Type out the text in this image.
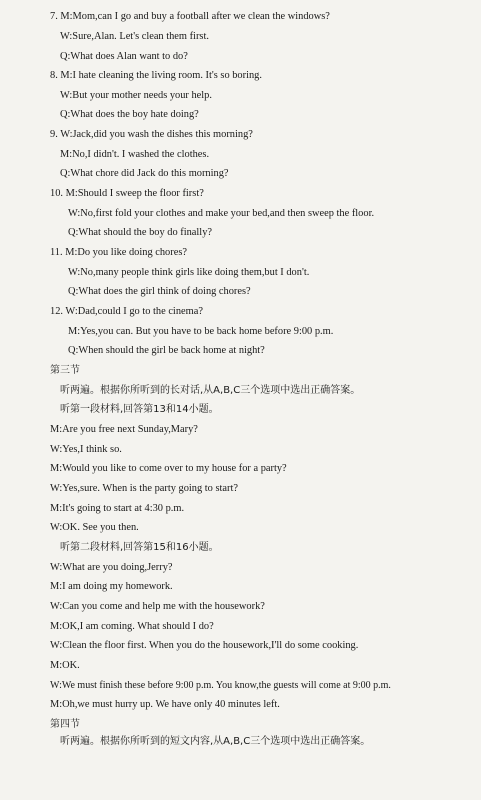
7. M:Mom,can I go and buy a football after we clean the windows?
W:Sure,Alan. Let's clean them first.
Q:What does Alan want to do?
8. M:I hate cleaning the living room. It's so boring.
W:But your mother needs your help.
Q:What does the boy hate doing?
9. W:Jack,did you wash the dishes this morning?
M:No,I didn't. I washed the clothes.
Q:What chore did Jack do this morning?
10. M:Should I sweep the floor first?
W:No,first fold your clothes and make your bed,and then sweep the floor.
Q:What should the boy do finally?
11. M:Do you like doing chores?
W:No,many people think girls like doing them,but I don't.
Q:What does the girl think of doing chores?
12. W:Dad,could I go to the cinema?
M:Yes,you can. But you have to be back home before 9:00 p.m.
Q:When should the girl be back home at night?
第三节
听两遍。根据你所听到的长对话,从A,B,C三个选项中选出正确答案。
听第一段材料,回答第13和14小题。
M:Are you free next Sunday,Mary?
W:Yes,I think so.
M:Would you like to come over to my house for a party?
W:Yes,sure. When is the party going to start?
M:It's going to start at 4:30 p.m.
W:OK. See you then.
听第二段材料,回答第15和16小题。
W:What are you doing,Jerry?
M:I am doing my homework.
W:Can you come and help me with the housework?
M:OK,I am coming. What should I do?
W:Clean the floor first. When you do the housework,I'll do some cooking.
M:OK.
W:We must finish these before 9:00 p.m. You know,the guests will come at 9:00 p.m.
M:Oh,we must hurry up. We have only 40 minutes left.
第四节
听两遍。根据你所听到的短文内容,从A,B,C三个选项中选出正确答案。
